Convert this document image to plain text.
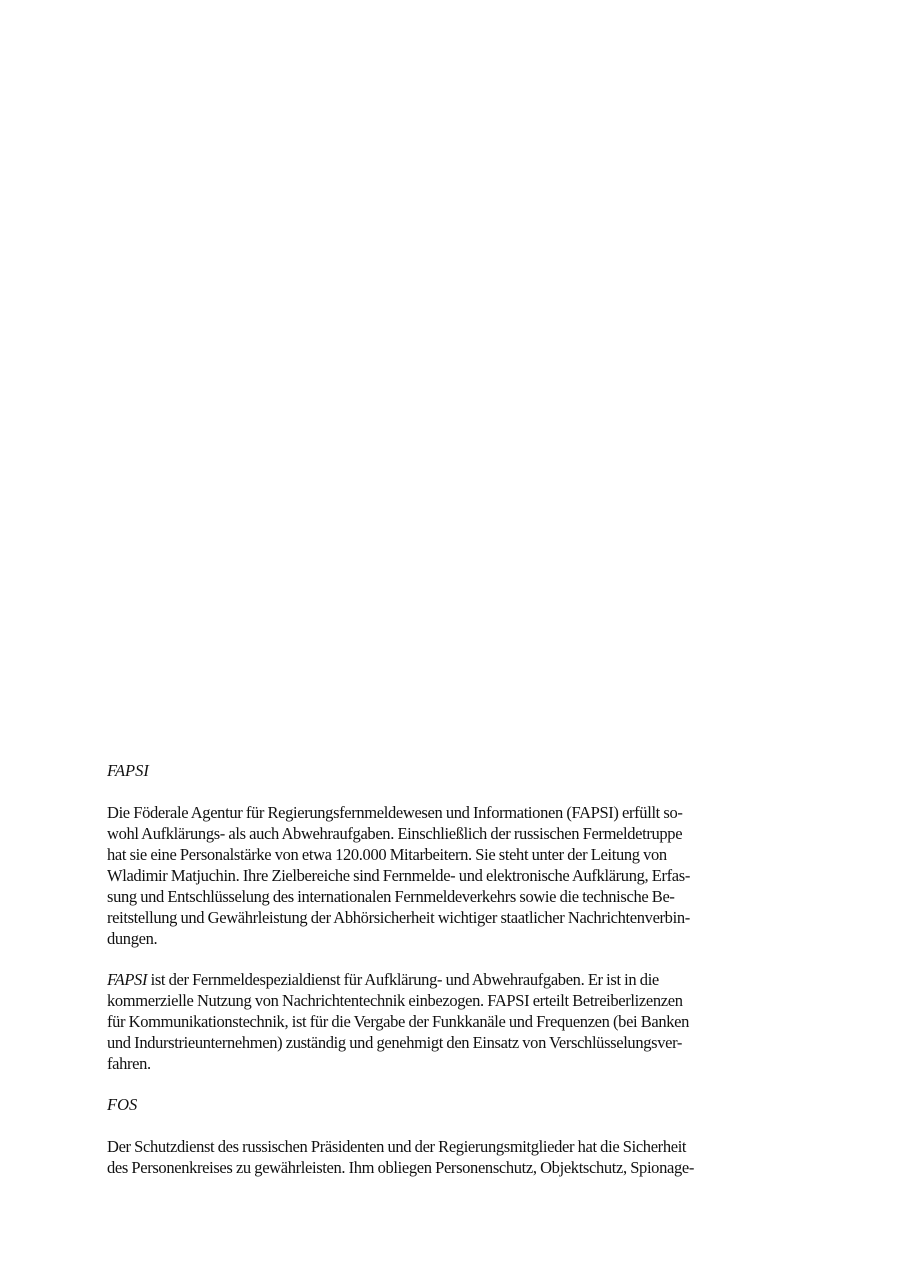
FAPSI
Die Föderale Agentur für Regierungsfernmeldewesen und Informationen (FAPSI) erfüllt so-
wohl Aufklärungs- als auch Abwehraufgaben. Einschließlich der russischen Fermeldetruppe
hat sie eine Personalstärke von etwa 120.000 Mitarbeitern. Sie steht unter der Leitung von
Wladimir Matjuchin. Ihre Zielbereiche sind Fernmelde- und elektronische Aufklärung, Erfas-
sung und Entschlüsselung des internationalen Fernmeldeverkehrs sowie die technische Be-
reitstellung und Gewährleistung der Abhörsicherheit wichtiger staatlicher Nachrichtenverbin-
dungen.
FAPSI ist der Fernmeldespezialdienst für Aufklärung- und Abwehraufgaben. Er ist in die
kommerzielle Nutzung von Nachrichtentechnik einbezogen. FAPSI erteilt Betreiberlizenzen
für Kommunikationstechnik, ist für die Vergabe der Funkkanäle und Frequenzen (bei Banken
und Indurstrieunternehmen) zuständig und genehmigt den Einsatz von Verschlüsselungsver-
fahren.
FOS
Der Schutzdienst des russischen Präsidenten und der Regierungsmitglieder hat die Sicherheit
des Personenkreises zu gewährleisten. Ihm obliegen Personenschutz, Objektschutz, Spionage-
